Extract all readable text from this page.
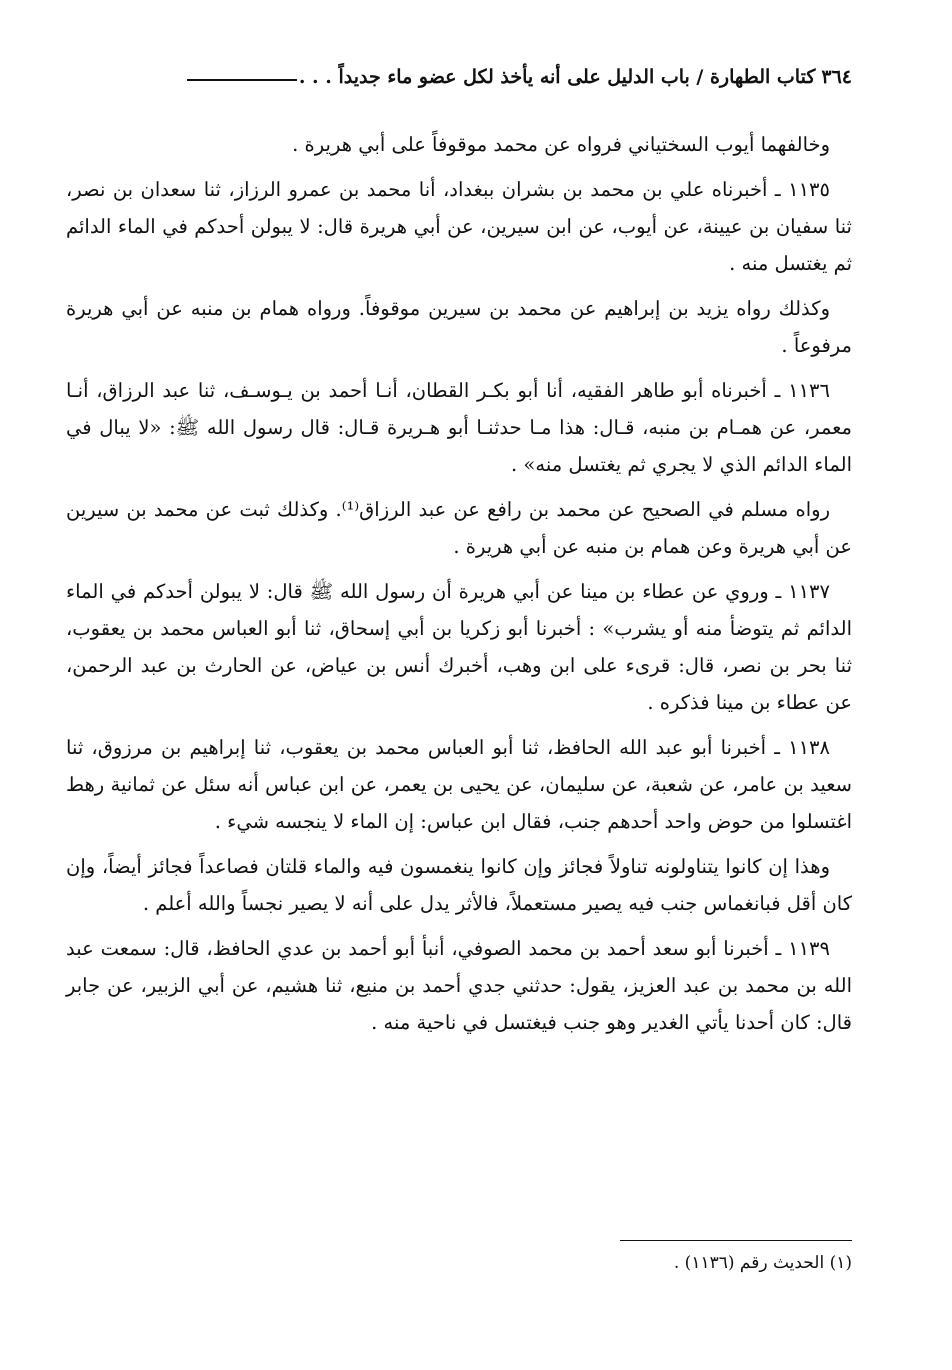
٣٦٤
كتاب الطهارة / باب الدليل على أنه يأخذ لكل عضو ماء جديداً . . .

وخالفهما أيوب السختياني فرواه عن محمد موقوفاً على أبي هريرة .

١١٣٥ ـ أخبرناه علي بن محمد بن بشران ببغداد، أنا محمد بن عمرو الرزاز، ثنا سعدان بن نصر، ثنا سفيان بن عيينة، عن أيوب، عن ابن سيرين، عن أبي هريرة قال: لا يبولن أحدكم في الماء الدائم ثم يغتسل منه .

وكذلك رواه يزيد بن إبراهيم عن محمد بن سيرين موقوفاً. ورواه همام بن منبه عن أبي هريرة مرفوعاً .

١١٣٦ ـ أخبرناه أبو طاهر الفقيه، أنا أبو بكـر القطان، أنـا أحمد بن يـوسـف، ثنا عبد الرزاق، أنـا معمر، عن همـام بن منبه، قـال: هذا مـا حدثنـا أبو هـريرة قـال: قال رسول الله ﷺ: «لا يبال في الماء الدائم الذي لا يجري ثم يغتسل منه» .

رواه مسلم في الصحيح عن محمد بن رافع عن عبد الرزاق⁽¹⁾. وكذلك ثبت عن محمد بن سيرين عن أبي هريرة وعن همام بن منبه عن أبي هريرة .

١١٣٧ ـ وروي عن عطاء بن مينا عن أبي هريرة أن رسول الله ﷺ قال: لا يبولن أحدكم في الماء الدائم ثم يتوضأ منه أو يشرب» : أخبرنا أبو زكريا بن أبي إسحاق، ثنا أبو العباس محمد بن يعقوب، ثنا بحر بن نصر، قال: قرىء على ابن وهب، أخبرك أنس بن عياض، عن الحارث بن عبد الرحمن، عن عطاء بن مينا فذكره .

١١٣٨ ـ أخبرنا أبو عبد الله الحافظ، ثنا أبو العباس محمد بن يعقوب، ثنا إبراهيم بن مرزوق، ثنا سعيد بن عامر، عن شعبة، عن سليمان، عن يحيى بن يعمر، عن ابن عباس أنه سئل عن ثمانية رهط اغتسلوا من حوض واحد أحدهم جنب، فقال ابن عباس: إن الماء لا ينجسه شيء .

وهذا إن كانوا يتناولونه تناولاً فجائز وإن كانوا ينغمسون فيه والماء قلتان فصاعداً فجائز أيضاً، وإن كان أقل فبانغماس جنب فيه يصير مستعملاً، فالأثر يدل على أنه لا يصير نجساً والله أعلم .

١١٣٩ ـ أخبرنا أبو سعد أحمد بن محمد الصوفي، أنبأ أبو أحمد بن عدي الحافظ، قال: سمعت عبد الله بن محمد بن عبد العزيز، يقول: حدثني جدي أحمد بن منيع، ثنا هشيم، عن أبي الزبير، عن جابر قال: كان أحدنا يأتي الغدير وهو جنب فيغتسل في ناحية منه .

(١) الحديث رقم (١١٣٦) .
